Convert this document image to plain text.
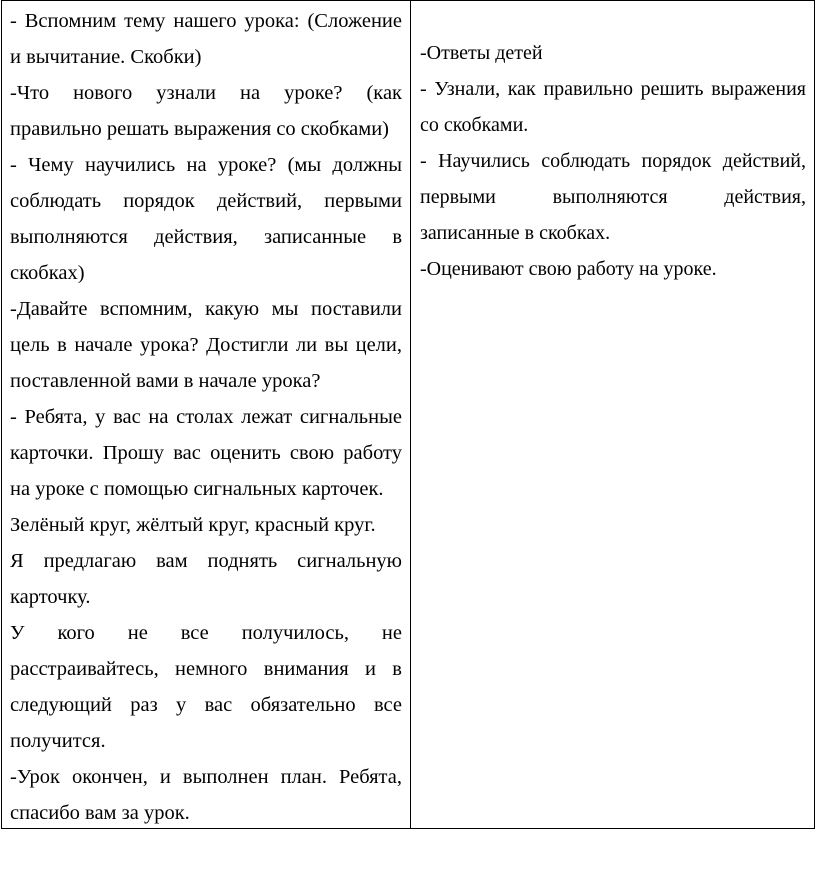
- Вспомним тему нашего урока: (Сложение и вычитание. Скобки)

-Что нового узнали на уроке? (как правильно решать выражения со скобками)

- Чему научились на уроке? (мы должны соблюдать порядок действий, первыми выполняются действия, записанные в скобках)

-Давайте вспомним, какую мы поставили цель в начале урока? Достигли ли вы цели, поставленной вами в начале урока?

- Ребята, у вас на столах лежат сигнальные карточки. Прошу вас оценить свою работу на уроке с помощью сигнальных карточек.

Зелёный круг, жёлтый круг, красный круг.

Я предлагаю вам поднять сигнальную карточку.

У кого не все получилось, не расстраивайтесь, немного внимания и в следующий раз у вас обязательно все получится.

-Урок окончен, и выполнен план. Ребята, спасибо вам за урок.

-Ответы детей

- Узнали, как правильно решить выражения со скобками.

- Научились соблюдать порядок действий, первыми выполняются действия, записанные в скобках.

-Оценивают свою работу на уроке.
